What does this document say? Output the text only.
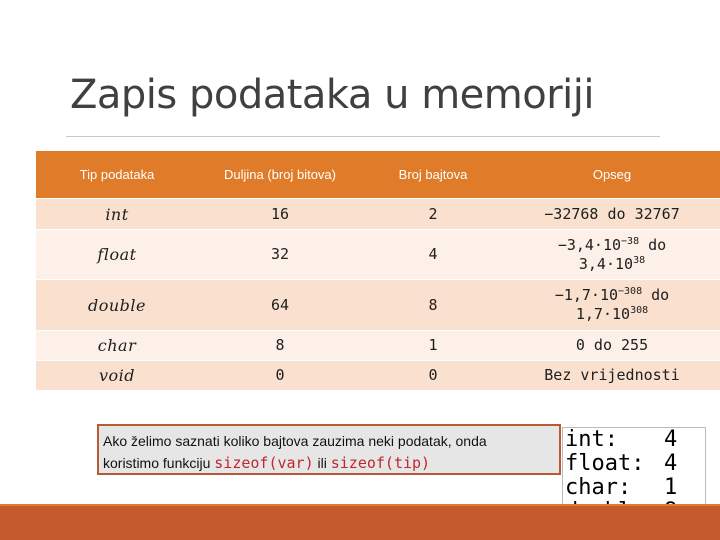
Zapis podataka u memoriji
Tip podataka	Duljina (broj bitova)	Broj bajtova	Opseg

int	16	2	−32768 do 32767

float	32	4	$-3,4\cdot 10^{-38}$ do
$3,4\cdot 10^{38}$

double	64	8	$-1,7\cdot 10^{-308}$ do
$1,7\cdot 10^{308}$

char	8	1	0 do 255

void	0	0	Bez vrijednosti
Ako želimo saznati koliko bajtova zauzima neki podatak, onda
koristimo funkciju sizeof(var) ili sizeof(tip)
int: 4
float: 4
char: 1
